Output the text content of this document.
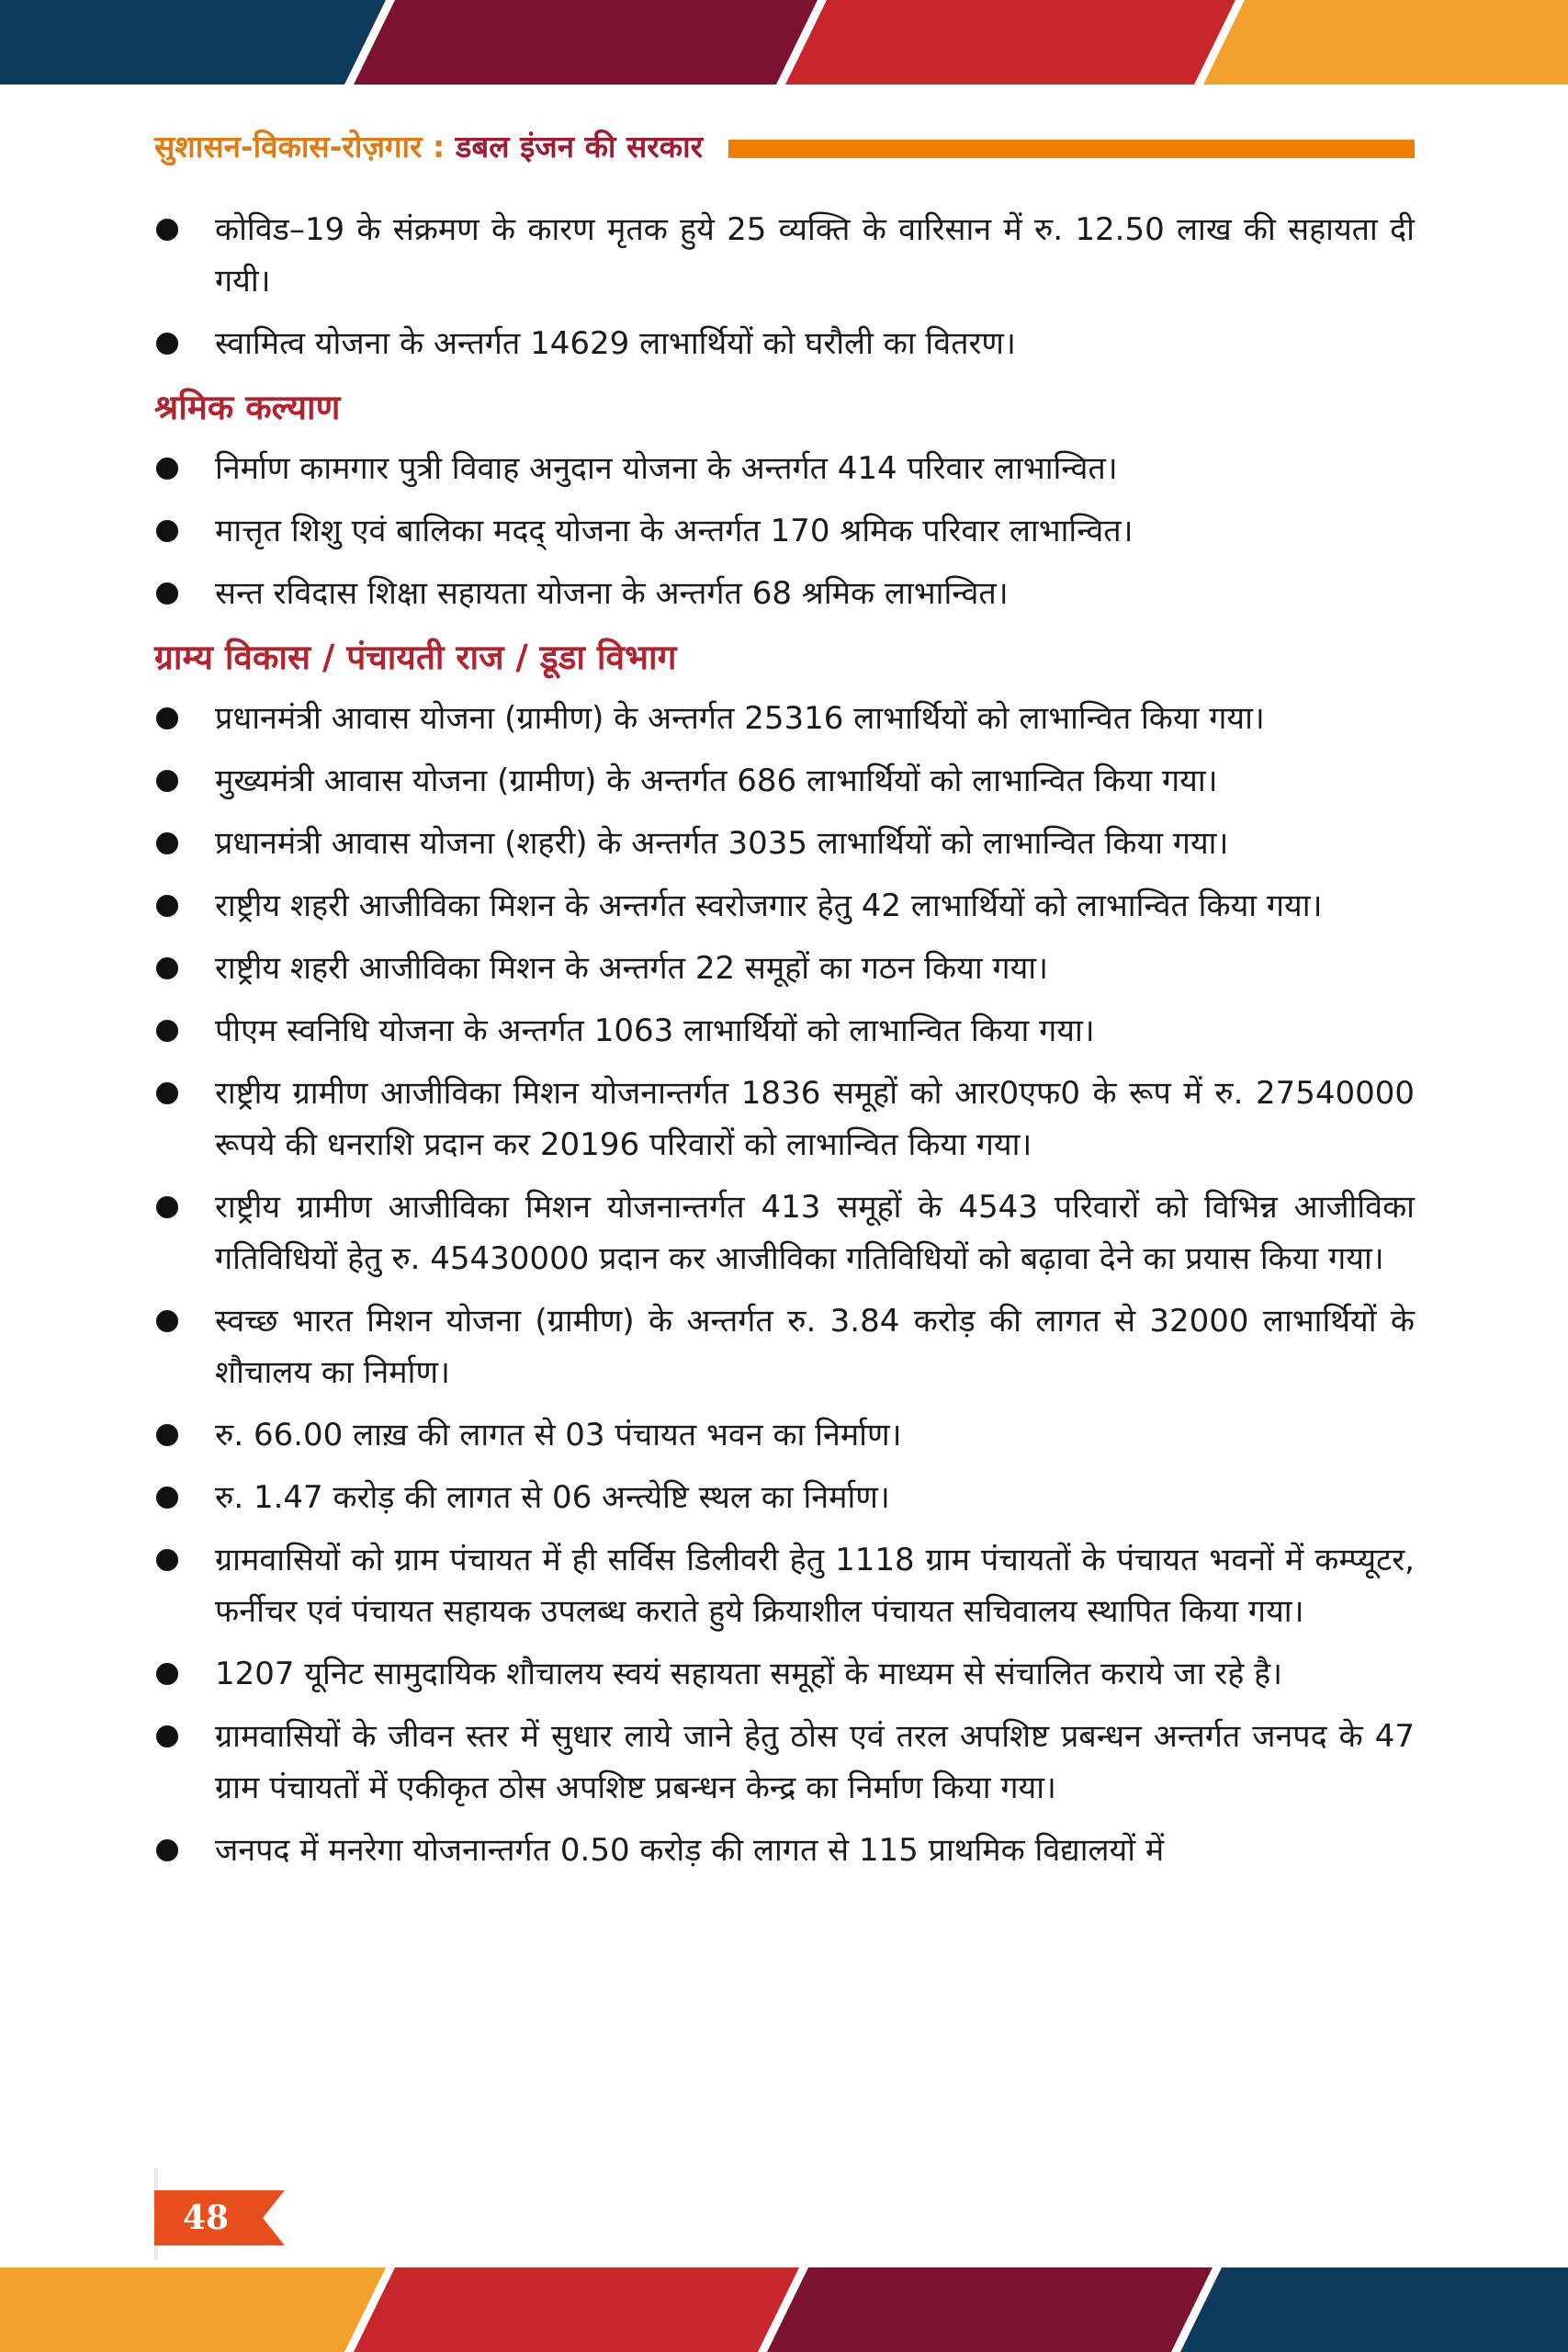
सुशासन-विकास-रोज़गार : डबल इंजन की सरकार
कोविड–19 के संक्रमण के कारण मृतक हुये 25 व्यक्ति के वारिसान में रु. 12.50 लाख की सहायता दी गयी।
स्वामित्व योजना के अन्तर्गत 14629 लाभार्थियों को घरौली का वितरण।
श्रमिक कल्याण
निर्माण कामगार पुत्री विवाह अनुदान योजना के अन्तर्गत 414 परिवार लाभान्वित।
मात्तृत शिशु एवं बालिका मदद् योजना के अन्तर्गत 170 श्रमिक परिवार लाभान्वित।
सन्त रविदास शिक्षा सहायता योजना के अन्तर्गत 68 श्रमिक लाभान्वित।
ग्राम्य विकास / पंचायती राज / डूडा विभाग
प्रधानमंत्री आवास योजना (ग्रामीण) के अन्तर्गत 25316 लाभार्थियों को लाभान्वित किया गया।
मुख्यमंत्री आवास योजना (ग्रामीण) के अन्तर्गत 686 लाभार्थियों को लाभान्वित किया गया।
प्रधानमंत्री आवास योजना (शहरी) के अन्तर्गत 3035 लाभार्थियों को लाभान्वित किया गया।
राष्ट्रीय शहरी आजीविका मिशन के अन्तर्गत स्वरोजगार हेतु 42 लाभार्थियों को लाभान्वित किया गया।
राष्ट्रीय शहरी आजीविका मिशन के अन्तर्गत 22 समूहों का गठन किया गया।
पीएम स्वनिधि योजना के अन्तर्गत 1063 लाभार्थियों को लाभान्वित किया गया।
राष्ट्रीय ग्रामीण आजीविका मिशन योजनान्तर्गत 1836 समूहों को आर0एफ0 के रूप में रु. 27540000 रूपये की धनराशि प्रदान कर 20196 परिवारों को लाभान्वित किया गया।
राष्ट्रीय ग्रामीण आजीविका मिशन योजनान्तर्गत 413 समूहों के 4543 परिवारों को विभिन्न आजीविका गतिविधियों हेतु रु. 45430000 प्रदान कर आजीविका गतिविधियों को बढ़ावा देने का प्रयास किया गया।
स्वच्छ भारत मिशन योजना (ग्रामीण) के अन्तर्गत रु. 3.84 करोड़ की लागत से 32000 लाभार्थियों के शौचालय का निर्माण।
रु. 66.00 लाख़ की लागत से 03 पंचायत भवन का निर्माण।
रु. 1.47 करोड़ की लागत से 06 अन्त्येष्टि स्थल का निर्माण।
ग्रामवासियों को ग्राम पंचायत में ही सर्विस डिलीवरी हेतु 1118 ग्राम पंचायतों के पंचायत भवनों में कम्प्यूटर, फर्नीचर एवं पंचायत सहायक उपलब्ध कराते हुये क्रियाशील पंचायत सचिवालय स्थापित किया गया।
1207 यूनिट सामुदायिक शौचालय स्वयं सहायता समूहों के माध्यम से संचालित कराये जा रहे है।
ग्रामवासियों के जीवन स्तर में सुधार लाये जाने हेतु ठोस एवं तरल अपशिष्ट प्रबन्धन अन्तर्गत जनपद के 47 ग्राम पंचायतों में एकीकृत ठोस अपशिष्ट प्रबन्धन केन्द्र का निर्माण किया गया।
जनपद में मनरेगा योजनान्तर्गत 0.50 करोड़ की लागत से 115 प्राथमिक विद्यालयों में
48
